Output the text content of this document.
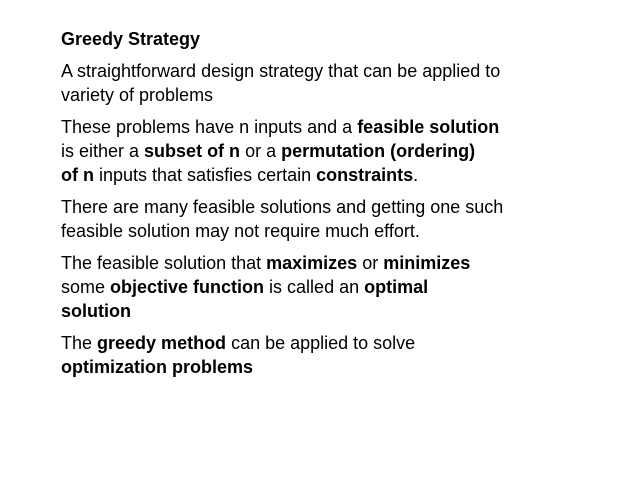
Greedy Strategy
A straightforward design strategy that can be applied to
variety of problems
These problems have n inputs and a feasible solution
is either a subset of n or a permutation (ordering)
of n inputs that satisfies certain constraints.
There are many feasible solutions and getting one such
feasible solution may not require much effort.
The feasible solution that maximizes or minimizes
some objective function is called an optimal
solution
The greedy method can be applied to solve
optimization problems
